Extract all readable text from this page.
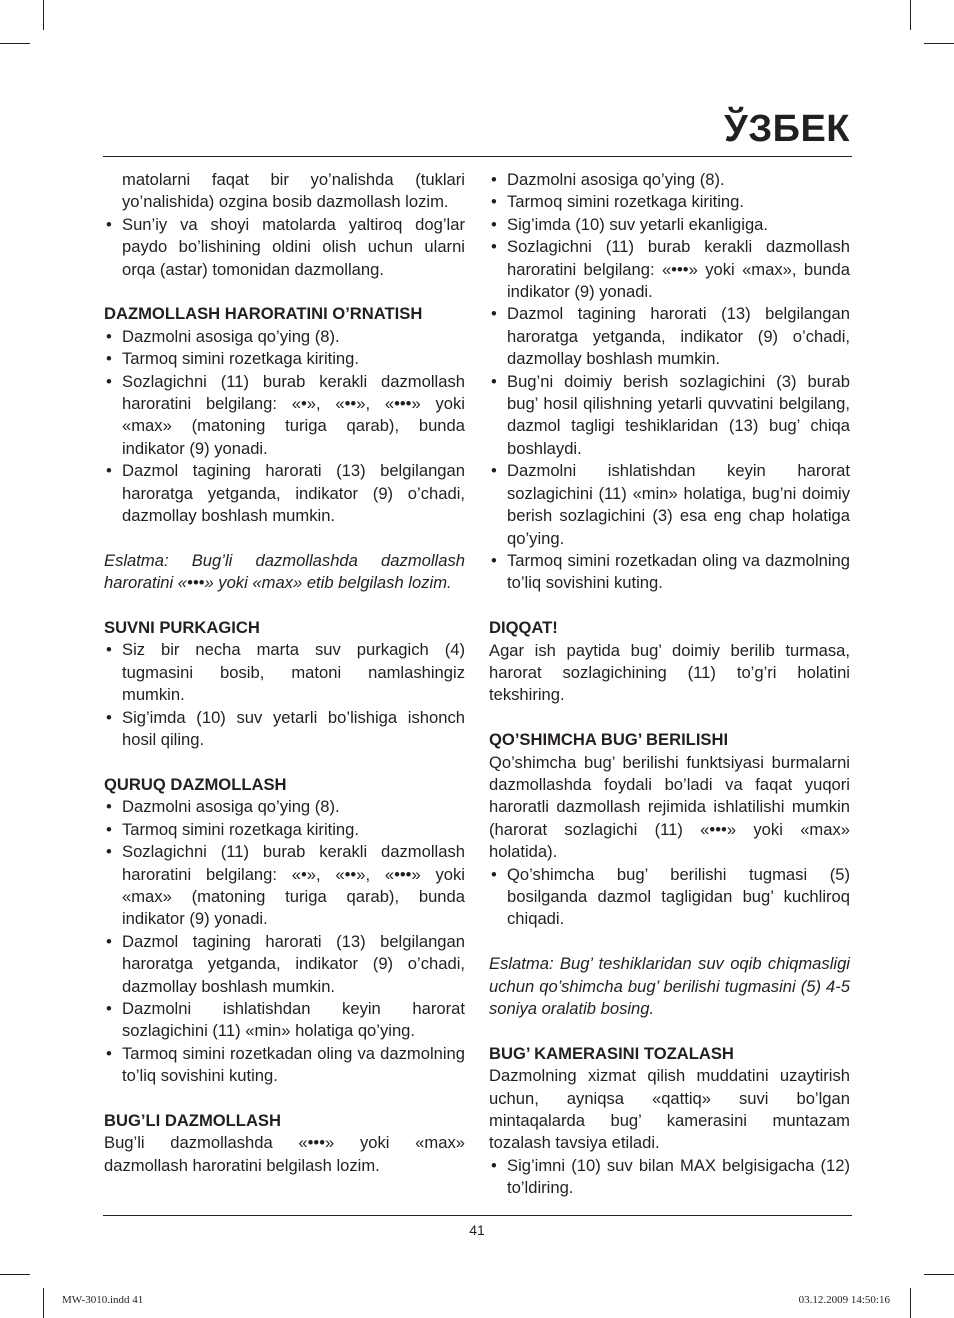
ЎЗБЕК

matolarni faqat bir yo’nalishda (tuklari yo’nalishida) ozgina bosib dazmollash lozim.

• Sun’iy va shoyi matolarda yaltiroq dog’lar paydo bo’lishining oldini olish uchun ularni orqa (astar) tomonidan dazmollang.

DAZMOLLASH HARORATINI O’RNATISH

• Dazmolni asosiga qo’ying (8).
• Tarmoq simini rozetkaga kiriting.
• Sozlagichni (11) burab kerakli dazmollash haroratini belgilang: «•», «••», «•••» yoki «max» (matoning turiga qarab), bunda indikator (9) yonadi.
• Dazmol tagining harorati (13) belgilangan haroratga yetganda, indikator (9) o’chadi, dazmollay boshlash mumkin.

Eslatma: Bug’li dazmollashda dazmollash haroratini «•••» yoki «max» etib belgilash lozim.

SUVNI PURKAGICH

• Siz bir necha marta suv purkagich (4) tugmasini bosib, matoni namlashingiz mumkin.
• Sig’imda (10) suv yetarli bo’lishiga ishonch hosil qiling.

QURUQ DAZMOLLASH

• Dazmolni asosiga qo’ying (8).
• Tarmoq simini rozetkaga kiriting.
• Sozlagichni (11) burab kerakli dazmollash haroratini belgilang: «•», «••», «•••» yoki «max» (matoning turiga qarab), bunda indikator (9) yonadi.
• Dazmol tagining harorati (13) belgilangan haroratga yetganda, indikator (9) o’chadi, dazmollay boshlash mumkin.
• Dazmolni ishlatishdan keyin harorat sozlagichini (11) «min» holatiga qo’ying.
• Tarmoq simini rozetkadan oling va dazmolning to’liq sovishini kuting.

BUG’LI DAZMOLLASH

Bug’li dazmollashda «•••» yoki «max» dazmollash haroratini belgilash lozim.

• Dazmolni asosiga qo’ying (8).
• Tarmoq simini rozetkaga kiriting.
• Sig’imda (10) suv yetarli ekanligiga.
• Sozlagichni (11) burab kerakli dazmollash haroratini belgilang: «•••» yoki «max», bunda indikator (9) yonadi.
• Dazmol tagining harorati (13) belgilangan haroratga yetganda, indikator (9) o’chadi, dazmollay boshlash mumkin.
• Bug’ni doimiy berish sozlagichini (3) burab bug’ hosil qilishning yetarli quvvatini belgilang, dazmol tagligi teshiklaridan (13) bug’ chiqa boshlaydi.
• Dazmolni ishlatishdan keyin harorat sozlagichini (11) «min» holatiga, bug’ni doimiy berish sozlagichini (3) esa eng chap holatiga qo’ying.
• Tarmoq simini rozetkadan oling va dazmolning to’liq sovishini kuting.

DIQQAT!

Agar ish paytida bug’ doimiy berilib turmasa, harorat sozlagichining (11) to’g’ri holatini tekshiring.

QO’SHIMCHA BUG’ BERILISHI

Qo’shimcha bug’ berilishi funktsiyasi burmalarni dazmollashda foydali bo’ladi va faqat yuqori haroratli dazmollash rejimida ishlatilishi mumkin (harorat sozlagichi (11) «•••» yoki «max» holatida).

• Qo’shimcha bug’ berilishi tugmasi (5) bosilganda dazmol tagligidan bug’ kuchliroq chiqadi.

Eslatma: Bug’ teshiklaridan suv oqib chiqmasligi uchun qo’shimcha bug’ berilishi tugmasini (5) 4-5 soniya oralatib bosing.

BUG’ KAMERASINI TOZALASH

Dazmolning xizmat qilish muddatini uzaytirish uchun, ayniqsa «qattiq» suvi bo’lgan mintaqalarda bug’ kamerasini muntazam tozalash tavsiya etiladi.

• Sig’imni (10) suv bilan MAX belgisigacha (12) to’ldiring.
41
MW-3010.indd 41	03.12.2009 14:50:16
